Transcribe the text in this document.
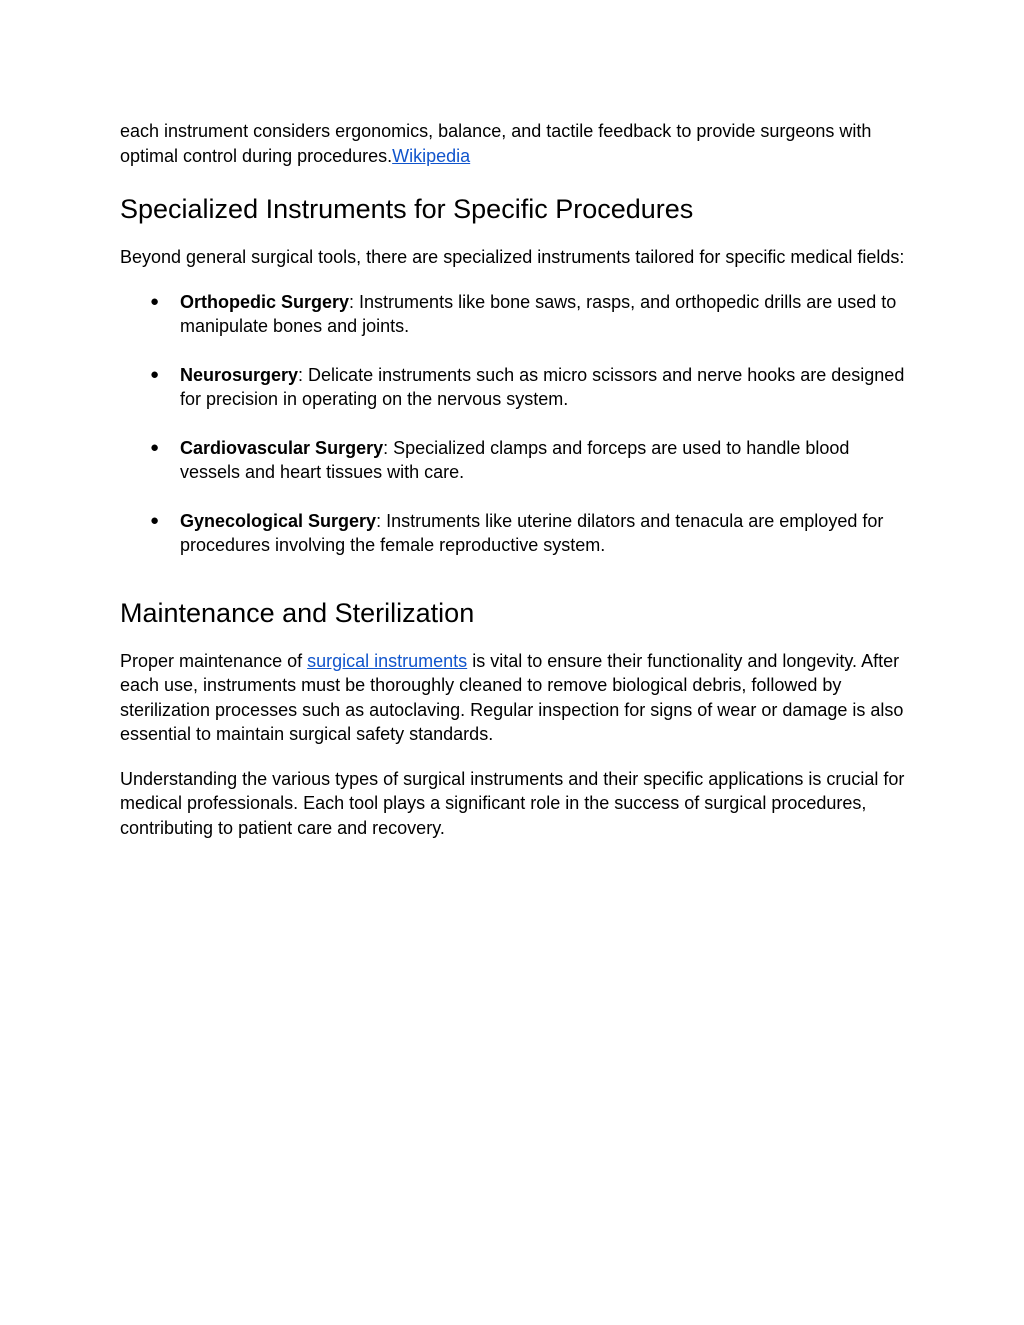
each instrument considers ergonomics, balance, and tactile feedback to provide surgeons with optimal control during procedures.Wikipedia

Specialized Instruments for Specific Procedures

Beyond general surgical tools, there are specialized instruments tailored for specific medical fields:

● Orthopedic Surgery: Instruments like bone saws, rasps, and orthopedic drills are used to manipulate bones and joints.
● Neurosurgery: Delicate instruments such as micro scissors and nerve hooks are designed for precision in operating on the nervous system.
● Cardiovascular Surgery: Specialized clamps and forceps are used to handle blood vessels and heart tissues with care.
● Gynecological Surgery: Instruments like uterine dilators and tenacula are employed for procedures involving the female reproductive system.
Maintenance and Sterilization

Proper maintenance of surgical instruments is vital to ensure their functionality and longevity. After each use, instruments must be thoroughly cleaned to remove biological debris, followed by sterilization processes such as autoclaving. Regular inspection for signs of wear or damage is also essential to maintain surgical safety standards.

Understanding the various types of surgical instruments and their specific applications is crucial for medical professionals. Each tool plays a significant role in the success of surgical procedures, contributing to patient care and recovery.
